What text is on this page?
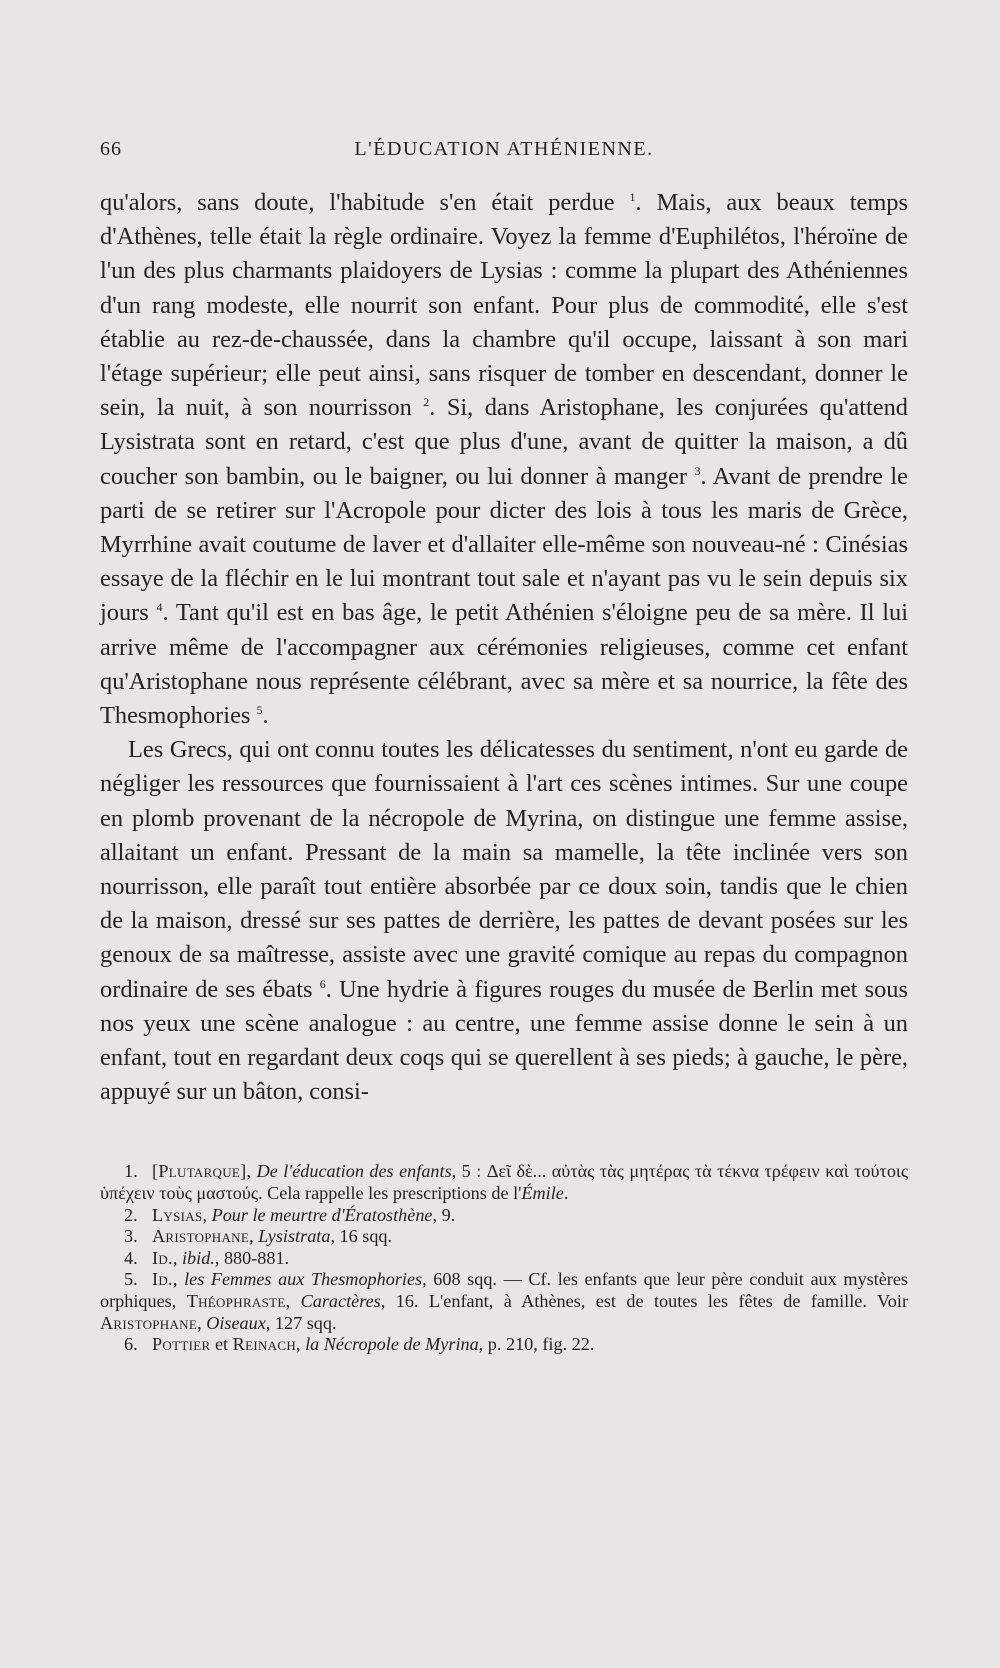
66	L'ÉDUCATION ATHÉNIENNE.

qu'alors, sans doute, l'habitude s'en était perdue $^1$. Mais, aux beaux temps d'Athènes, telle était la règle ordinaire. Voyez la femme d'Euphilétos, l'héroïne de l'un des plus charmants plaidoyers de Lysias : comme la plupart des Athéniennes d'un rang modeste, elle nourrit son enfant. Pour plus de commodité, elle s'est établie au rez-de-chaussée, dans la chambre qu'il occupe, laissant à son mari l'étage supérieur; elle peut ainsi, sans risquer de tomber en descendant, donner le sein, la nuit, à son nourrisson $^2$. Si, dans Aristophane, les conjurées qu'attend Lysistrata sont en retard, c'est que plus d'une, avant de quitter la maison, a dû coucher son bambin, ou le baigner, ou lui donner à manger $^3$. Avant de prendre le parti de se retirer sur l'Acropole pour dicter des lois à tous les maris de Grèce, Myrrhine avait coutume de laver et d'allaiter elle-même son nouveau-né : Cinésias essaye de la fléchir en le lui montrant tout sale et n'ayant pas vu le sein depuis six jours $^4$. Tant qu'il est en bas âge, le petit Athénien s'éloigne peu de sa mère. Il lui arrive même de l'accompagner aux cérémonies religieuses, comme cet enfant qu'Aristophane nous représente célébrant, avec sa mère et sa nourrice, la fête des Thesmophories $^5$.

Les Grecs, qui ont connu toutes les délicatesses du sentiment, n'ont eu garde de négliger les ressources que fournissaient à l'art ces scènes intimes. Sur une coupe en plomb provenant de la nécropole de Myrina, on distingue une femme assise, allaitant un enfant. Pressant de la main sa mamelle, la tête inclinée vers son nourrisson, elle paraît tout entière absorbée par ce doux soin, tandis que le chien de la maison, dressé sur ses pattes de derrière, les pattes de devant posées sur les genoux de sa maîtresse, assiste avec une gravité comique au repas du compagnon ordinaire de ses ébats $^6$. Une hydrie à figures rouges du musée de Berlin met sous nos yeux une scène analogue : au centre, une femme assise donne le sein à un enfant, tout en regardant deux coqs qui se querellent à ses pieds; à gauche, le père, appuyé sur un bâton, consi-

1. [Plutarque], De l'éducation des enfants, 5 : Δεῖ δὲ... αὐτὰς τὰς μητέρας τὰ τέκνα τρέφειν καὶ τούτοις ὑπέχειν τοὺς μαστούς. Cela rappelle les prescriptions de l'Émile.

2. Lysias, Pour le meurtre d'Ératosthène, 9.

3. Aristophane, Lysistrata, 16 sqq.

4. Id., ibid., 880-881.

5. Id., les Femmes aux Thesmophories, 608 sqq. — Cf. les enfants que leur père conduit aux mystères orphiques, Théophraste, Caractères, 16. L'enfant, à Athènes, est de toutes les fêtes de famille. Voir Aristophane, Oiseaux, 127 sqq.

6. Pottier et Reinach, la Nécropole de Myrina, p. 210, fig. 22.
